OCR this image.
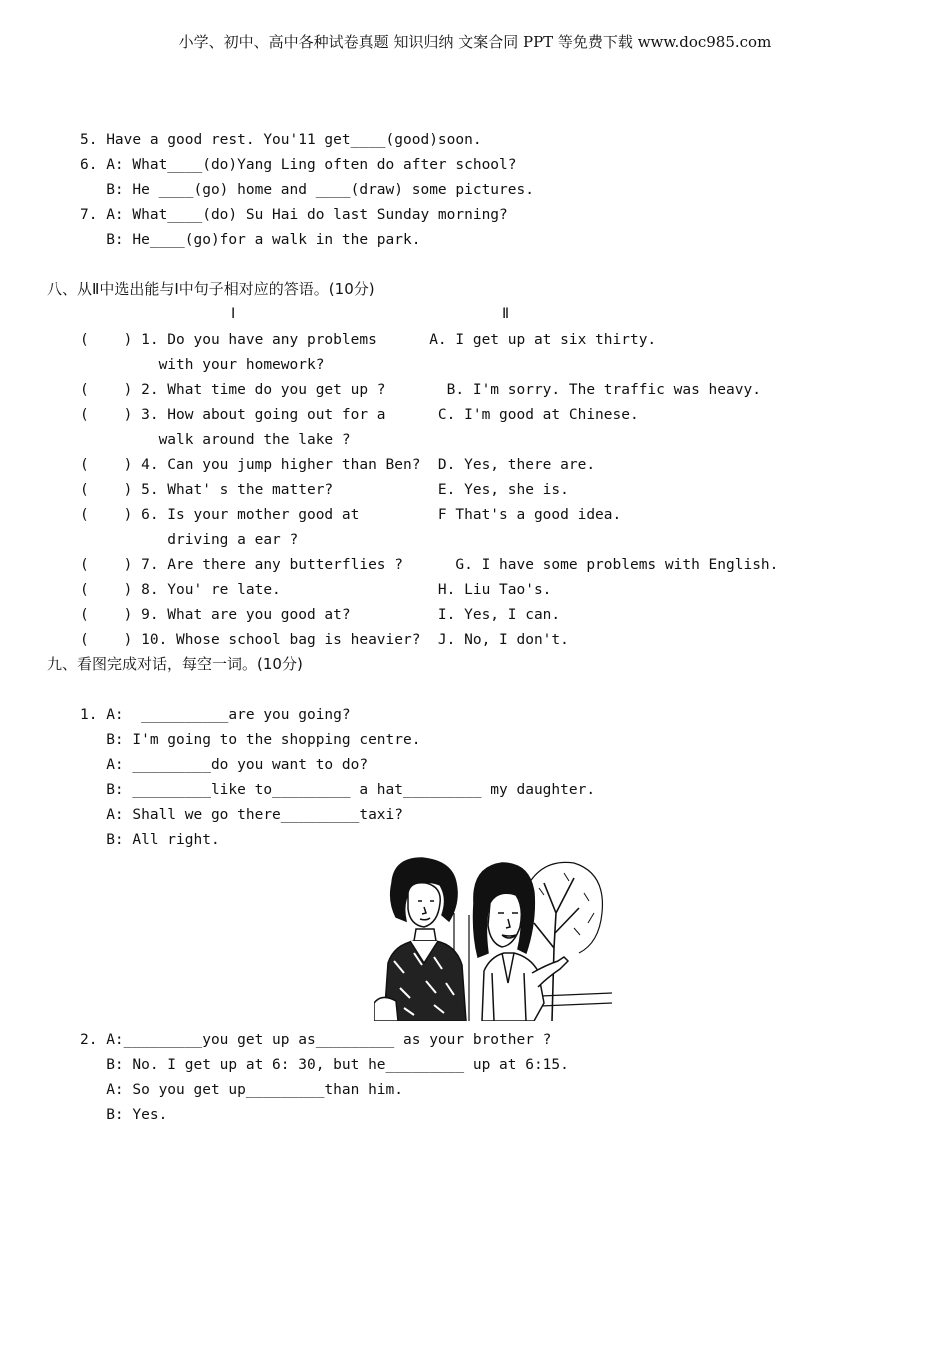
小学、初中、高中各种试卷真题 知识归纳 文案合同 PPT 等免费下载 www.doc985.com
5. Have a good rest. You'11 get____(good)soon.
6. A: What____(do)Yang Ling often do after school?
B: He ____(go) home and ____(draw) some pictures.
7. A: What____(do) Su Hai do last Sunday morning?
B: He____(go)for a walk in the park.
八、从Ⅱ中选出能与Ⅰ中句子相对应的答语。(10分)
Ⅰ	Ⅱ
(    ) 1. Do you have any problems      A. I get up at six thirty.
with your homework?
(    ) 2. What time do you get up ?       B. I'm sorry. The traffic was heavy.
(    ) 3. How about going out for a      C. I'm good at Chinese.
walk around the lake ?
(    ) 4. Can you jump higher than Ben?  D. Yes, there are.
(    ) 5. What' s the matter?            E. Yes, she is.
(    ) 6. Is your mother good at         F That's a good idea.
driving a ear ?
(    ) 7. Are there any butterflies ?      G. I have some problems with English.
(    ) 8. You' re late.                  H. Liu Tao's.
(    ) 9. What are you good at?          I. Yes, I can.
(    ) 10. Whose school bag is heavier?  J. No, I don't.
九、看图完成对话，每空一词。(10分)
1. A:  __________are you going?
B: I'm going to the shopping centre.
A: _________do you want to do?
B: _________like to_________ a hat_________ my daughter.
A: Shall we go there_________taxi?
B: All right.
2. A:_________you get up as_________ as your brother ?
B: No. I get up at 6: 30, but he_________ up at 6:15.
A: So you get up_________than him.
B: Yes.
